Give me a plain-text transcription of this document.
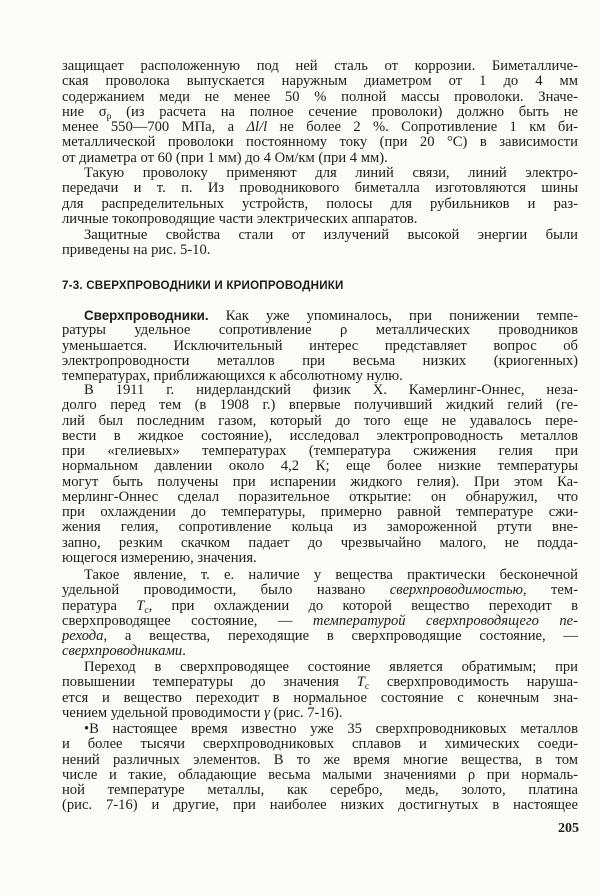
защищает расположенную под ней сталь от коррозии. Биметалличе-
ская проволока выпускается наружным диаметром от 1 до 4 мм
содержанием меди не менее 50 % полной массы проволоки. Значе-
ние $\sigma_р$ (из расчета на полное сечение проволоки) должно быть не
менее 550—700 МПа, а Δl/l не более 2 %. Сопротивление 1 км би-
металлической проволоки постоянному току (при 20 °С) в зависимости
от диаметра от 60 (при 1 мм) до 4 Ом/км (при 4 мм).
Такую проволоку применяют для линий связи, линий электро-
передачи и т. п. Из проводникового биметалла изготовляются шины
для распределительных устройств, полосы для рубильников и раз-
личные токопроводящие части электрических аппаратов.
Защитные свойства стали от излучений высокой энергии были
приведены на рис. 5-10.
7-3. СВЕРХПРОВОДНИКИ И КРИОПРОВОДНИКИ
Сверхпроводники. Как уже упоминалось, при понижении темпе-
ратуры удельное сопротивление ρ металлических проводников
уменьшается. Исключительный интерес представляет вопрос об
электропроводности металлов при весьма низких (криогенных)
температурах, приближающихся к абсолютному нулю.
В 1911 г. нидерландский физик X. Камерлинг-Оннес, неза-
долго перед тем (в 1908 г.) впервые получивший жидкий гелий (ге-
лий был последним газом, который до того еще не удавалось пере-
вести в жидкое состояние), исследовал электропроводность металлов
при «гелиевых» температурах (температура сжижения гелия при
нормальном давлении около 4,2 К; еще более низкие температуры
могут быть получены при испарении жидкого гелия). При этом Ка-
мерлинг-Оннес сделал поразительное открытие: он обнаружил, что
при охлаждении до температуры, примерно равной температуре сжи-
жения гелия, сопротивление кольца из замороженной ртути вне-
запно, резким скачком падает до чрезвычайно малого, не подда-
ющегося измерению, значения.
Такое явление, т. е. наличие у вещества практически бесконечной
удельной проводимости, было названо сверхпроводимостью, тем-
пература $T_c$, при охлаждении до которой вещество переходит в
сверхпроводящее состояние, — температурой сверхпроводящего пе-
рехода, а вещества, переходящие в сверхпроводящие состояние, —
сверхпроводниками.
Переход в сверхпроводящее состояние является обратимым; при
повышении температуры до значения $T_c$ сверхпроводимость наруша-
ется и вещество переходит в нормальное состояние с конечным зна-
чением удельной проводимости γ (рис. 7-16).
•В настоящее время известно уже 35 сверхпроводниковых металлов
и более тысячи сверхпроводниковых сплавов и химических соеди-
нений различных элементов. В то же время многие вещества, в том
числе и такие, обладающие весьма малыми значениями ρ при нормаль-
ной температуре металлы, как серебро, медь, золото, платина
(рис. 7-16) и другие, при наиболее низких достигнутых в настоящее
205
